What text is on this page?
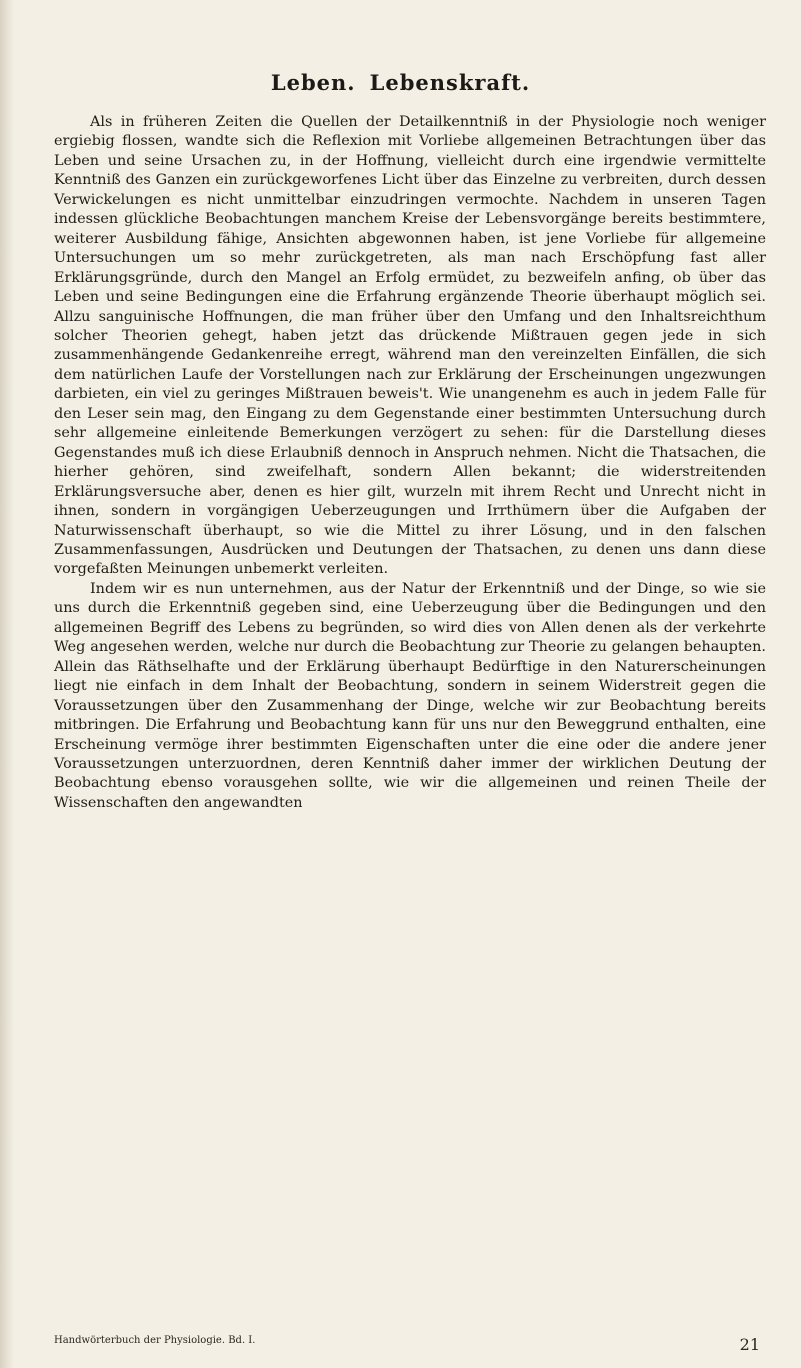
Leben. Lebenskraft.

Als in früheren Zeiten die Quellen der Detailkenntniß in der Physiologie noch weniger ergiebig flossen, wandte sich die Reflexion mit Vorliebe allgemeinen Betrachtungen über das Leben und seine Ursachen zu, in der Hoffnung, vielleicht durch eine irgendwie vermittelte Kenntniß des Ganzen ein zurückgeworfenes Licht über das Einzelne zu verbreiten, durch dessen Verwickelungen es nicht unmittelbar einzudringen vermochte. Nachdem in unseren Tagen indessen glückliche Beobachtungen manchem Kreise der Lebensvorgänge bereits bestimmtere, weiterer Ausbildung fähige, Ansichten abgewonnen haben, ist jene Vorliebe für allgemeine Untersuchungen um so mehr zurückgetreten, als man nach Erschöpfung fast aller Erklärungsgründe, durch den Mangel an Erfolg ermüdet, zu bezweifeln anfing, ob über das Leben und seine Bedingungen eine die Erfahrung ergänzende Theorie überhaupt möglich sei. Allzu sanguinische Hoffnungen, die man früher über den Umfang und den Inhaltsreichthum solcher Theorien gehegt, haben jetzt das drückende Mißtrauen gegen jede in sich zusammenhängende Gedankenreihe erregt, während man den vereinzelten Einfällen, die sich dem natürlichen Laufe der Vorstellungen nach zur Erklärung der Erscheinungen ungezwungen darbieten, ein viel zu geringes Mißtrauen beweis't. Wie unangenehm es auch in jedem Falle für den Leser sein mag, den Eingang zu dem Gegenstande einer bestimmten Untersuchung durch sehr allgemeine einleitende Bemerkungen verzögert zu sehen: für die Darstellung dieses Gegenstandes muß ich diese Erlaubniß dennoch in Anspruch nehmen. Nicht die Thatsachen, die hierher gehören, sind zweifelhaft, sondern Allen bekannt; die widerstreitenden Erklärungsversuche aber, denen es hier gilt, wurzeln mit ihrem Recht und Unrecht nicht in ihnen, sondern in vorgängigen Ueberzeugungen und Irrthümern über die Aufgaben der Naturwissenschaft überhaupt, so wie die Mittel zu ihrer Lösung, und in den falschen Zusammenfassungen, Ausdrücken und Deutungen der Thatsachen, zu denen uns dann diese vorgefaßten Meinungen unbemerkt verleiten.

Indem wir es nun unternehmen, aus der Natur der Erkenntniß und der Dinge, so wie sie uns durch die Erkenntniß gegeben sind, eine Ueberzeugung über die Bedingungen und den allgemeinen Begriff des Lebens zu begründen, so wird dies von Allen denen als der verkehrte Weg angesehen werden, welche nur durch die Beobachtung zur Theorie zu gelangen behaupten. Allein das Räthselhafte und der Erklärung überhaupt Bedürftige in den Naturerscheinungen liegt nie einfach in dem Inhalt der Beobachtung, sondern in seinem Widerstreit gegen die Voraussetzungen über den Zusammenhang der Dinge, welche wir zur Beobachtung bereits mitbringen. Die Erfahrung und Beobachtung kann für uns nur den Beweggrund enthalten, eine Erscheinung vermöge ihrer bestimmten Eigenschaften unter die eine oder die andere jener Voraussetzungen unterzuordnen, deren Kenntniß daher immer der wirklichen Deutung der Beobachtung ebenso vorausgehen sollte, wie wir die allgemeinen und reinen Theile der Wissenschaften den angewandten

Handwörterbuch der Physiologie. Bd. I.	21
